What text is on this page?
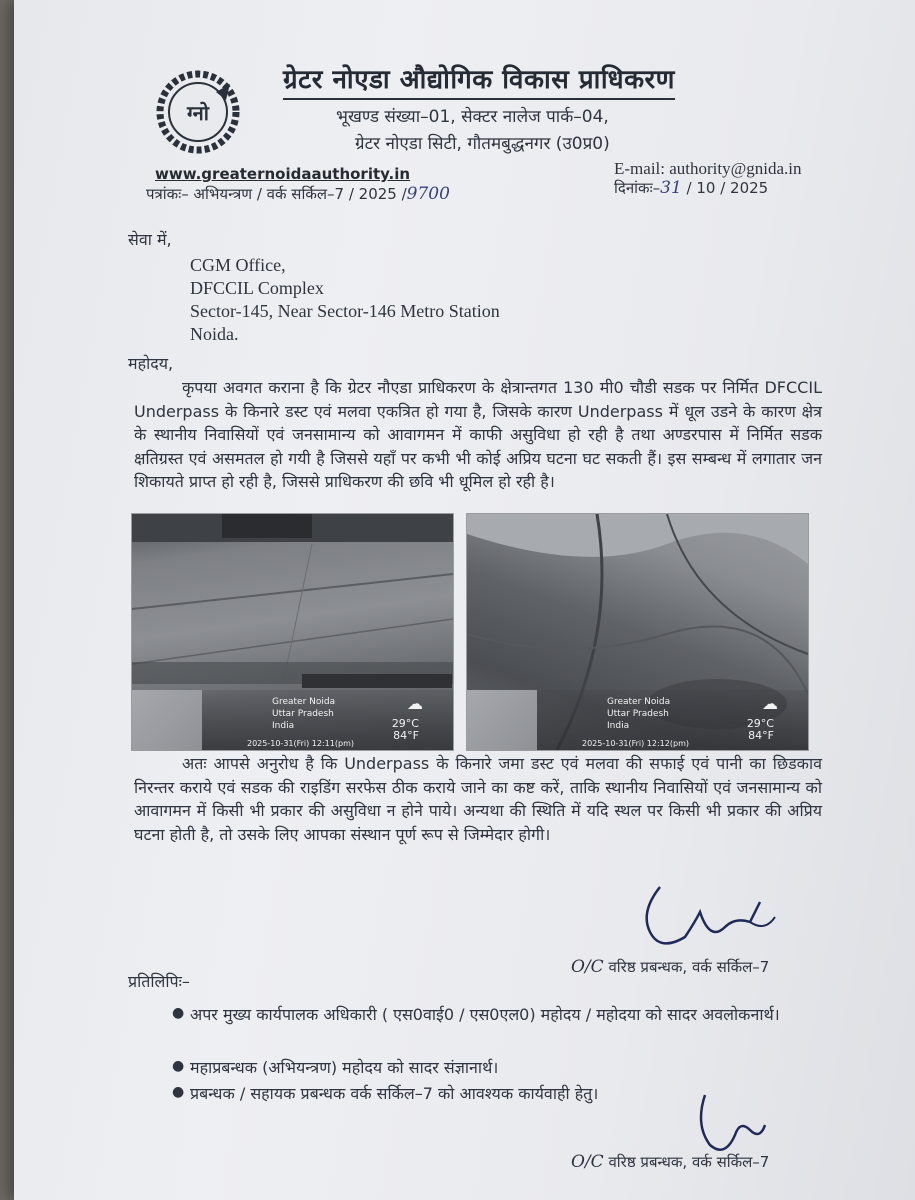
ग्नो
ग्रेटर नोएडा औद्योगिक विकास प्राधिकरण
भूखण्ड संख्या–01, सेक्टर नालेज पार्क–04,
ग्रेटर नोएडा सिटी, गौतमबुद्धनगर (उ0प्र0)
www.greaternoidaauthority.in	E-mail: authority@gnida.in
पत्रांकः– अभियन्त्रण / वर्क सर्किल–7 / 2025 /9700	दिनांकः–31 / 10 / 2025
सेवा में,
CGM Office,
DFCCIL Complex
Sector-145, Near Sector-146 Metro Station
Noida.
महोदय,
कृपया अवगत कराना है कि ग्रेटर नौएडा प्राधिकरण के क्षेत्रान्तगत 130 मी0 चौडी सडक पर निर्मित DFCCIL Underpass के किनारे डस्ट एवं मलवा एकत्रित हो गया है, जिसके कारण Underpass में धूल उडने के कारण क्षेत्र के स्थानीय निवासियों एवं जनसामान्य को आवागमन में काफी असुविधा हो रही है तथा अण्डरपास में निर्मित सडक क्षतिग्रस्त एवं असमतल हो गयी है जिससे यहाँ पर कभी भी कोई अप्रिय घटना घट सकती हैं। इस सम्बन्ध में लगातार जन शिकायते प्राप्त हो रही है, जिससे प्राधिकरण की छवि भी धूमिल हो रही है।
Greater Noida
Uttar Pradesh
India
☁
29°C
84°F
2025-10-31(Fri) 12:11(pm)
Greater Noida
Uttar Pradesh
India
☁
29°C
84°F
2025-10-31(Fri) 12:12(pm)
अतः आपसे अनुरोध है कि Underpass के किनारे जमा डस्ट एवं मलवा की सफाई एवं पानी का छिडकाव निरन्तर कराये एवं सडक की राइडिंग सरफेस ठीक कराये जाने का कष्ट करें, ताकि स्थानीय निवासियों एवं जनसामान्य को आवागमन में किसी भी प्रकार की असुविधा न होने पाये। अन्यथा की स्थिति में यदि स्थल पर किसी भी प्रकार की अप्रिय घटना होती है, तो उसके लिए आपका संस्थान पूर्ण रूप से जिम्मेदार होगी।
O/C वरिष्ठ प्रबन्धक, वर्क सर्किल–7
प्रतिलिपिः–
● अपर मुख्य कार्यपालक अधिकारी ( एस0वाई0 / एस0एल0) महोदय / महोदया को सादर अवलोकनार्थ।
● महाप्रबन्धक (अभियन्त्रण) महोदय को सादर संज्ञानार्थ।
● प्रबन्धक / सहायक प्रबन्धक वर्क सर्किल–7 को आवश्यक कार्यवाही हेतु।
O/C वरिष्ठ प्रबन्धक, वर्क सर्किल–7
